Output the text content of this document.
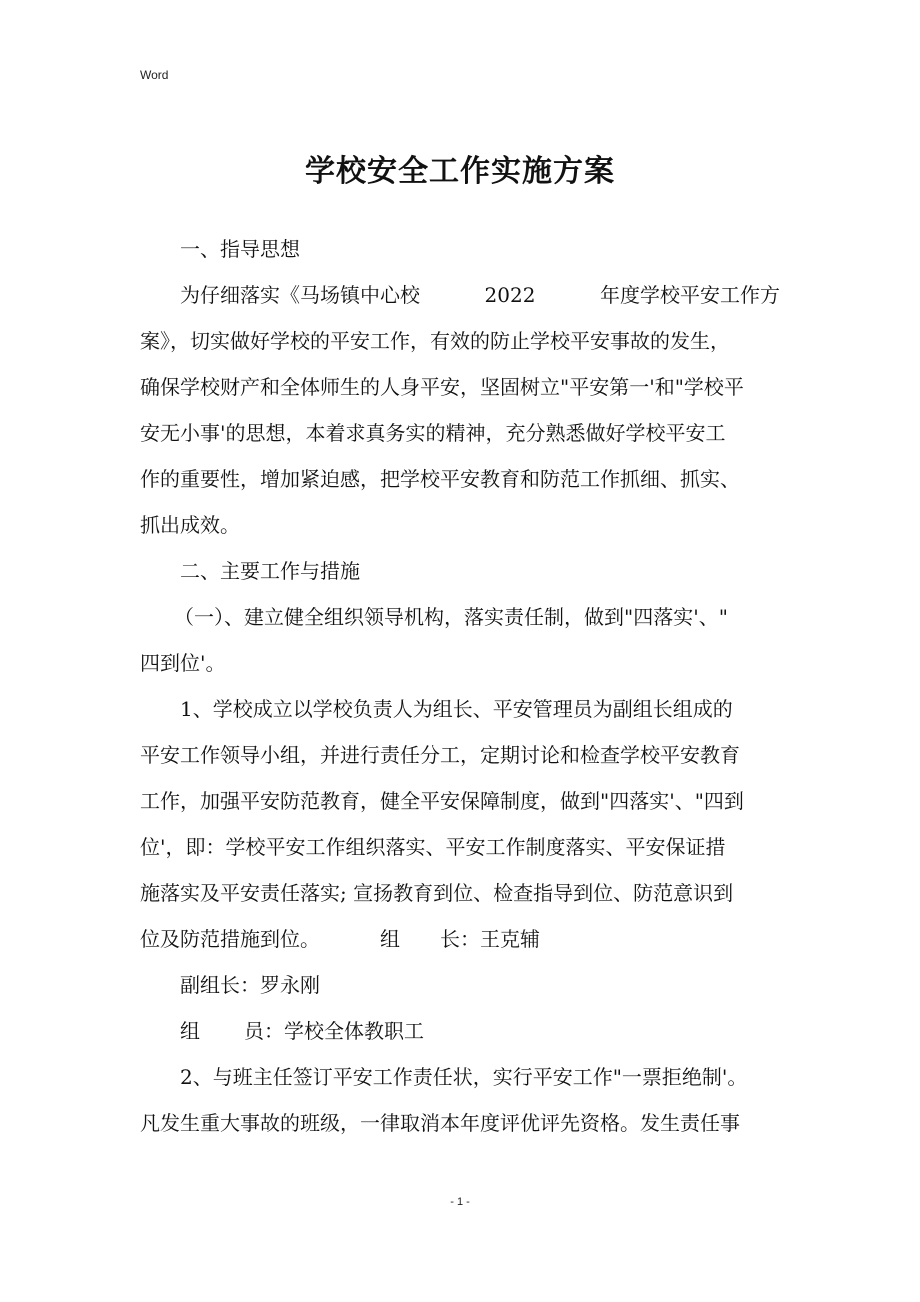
Word
学校安全工作实施方案
一、指导思想
为仔细落实《马场镇中心校	2022	年度学校平安工作方
案》，切实做好学校的平安工作，有效的防止学校平安事故的发生，
确保学校财产和全体师生的人身平安，坚固树立"平安第一'和"学校平
安无小事'的思想，本着求真务实的精神，充分熟悉做好学校平安工
作的重要性，增加紧迫感，把学校平安教育和防范工作抓细、抓实、
抓出成效。
二、主要工作与措施
（一）、建立健全组织领导机构，落实责任制，做到"四落实'、"
四到位'。
1、学校成立以学校负责人为组长、平安管理员为副组长组成的
平安工作领导小组，并进行责任分工，定期讨论和检查学校平安教育
工作，加强平安防范教育，健全平安保障制度，做到"四落实'、"四到
位'，即：学校平安工作组织落实、平安工作制度落实、平安保证措
施落实及平安责任落实; 宣扬教育到位、检查指导到位、防范意识到
位及防范措施到位。	组 长：王克辅
副组长：罗永刚
组 员：学校全体教职工
2、与班主任签订平安工作责任状，实行平安工作"一票拒绝制'。
凡发生重大事故的班级，一律取消本年度评优评先资格。发生责任事
- 1 -
